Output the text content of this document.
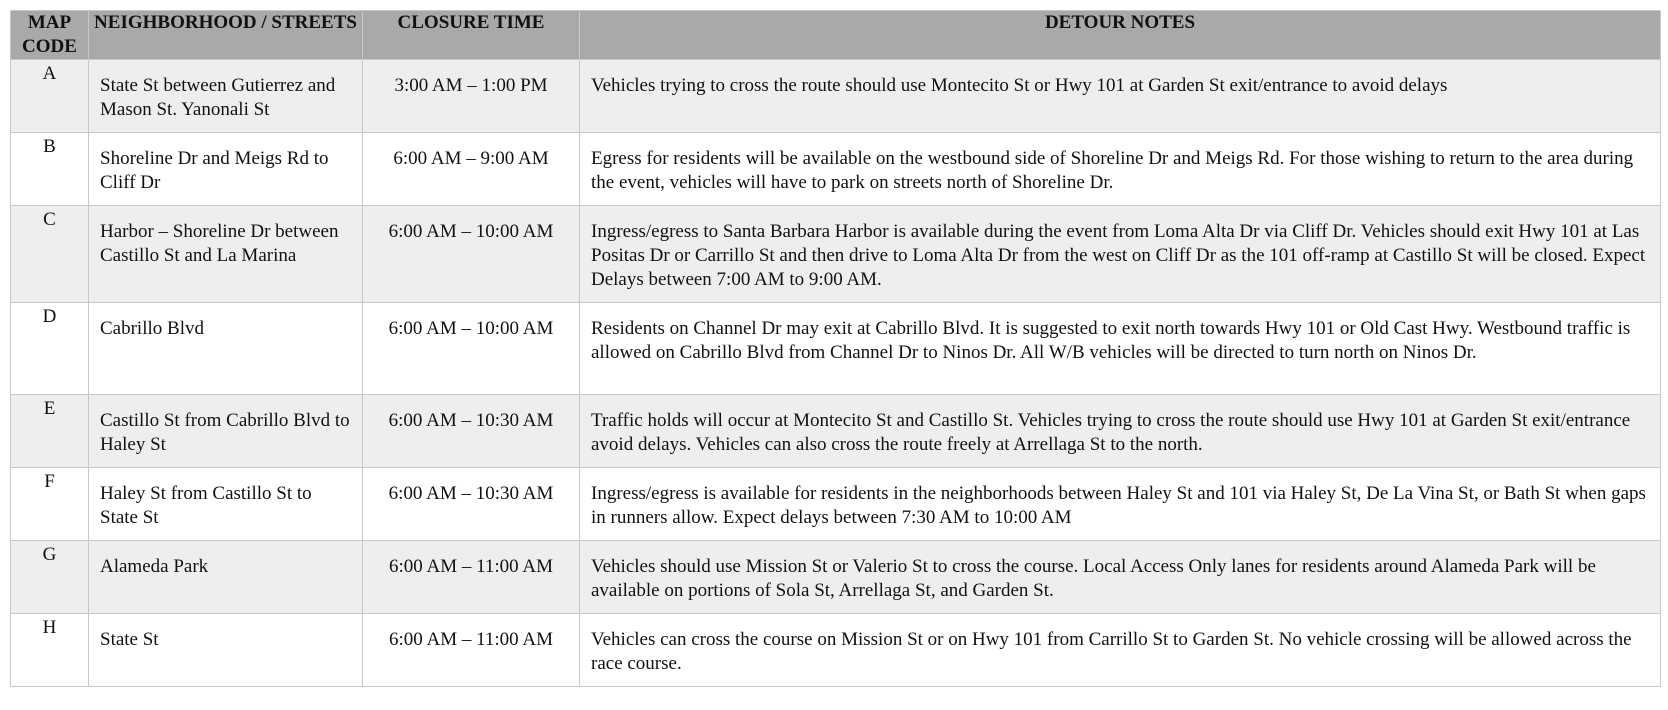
MAP CODE	NEIGHBORHOOD / STREETS	CLOSURE TIME	DETOUR NOTES
A	State St between Gutierrez and Mason St. Yanonali St	3:00 AM – 1:00 PM	Vehicles trying to cross the route should use Montecito St or Hwy 101 at Garden St exit/entrance to avoid delays
B	Shoreline Dr and Meigs Rd to Cliff Dr	6:00 AM – 9:00 AM	Egress for residents will be available on the westbound side of Shoreline Dr and Meigs Rd. For those wishing to return to the area during the event, vehicles will have to park on streets north of Shoreline Dr.
C	Harbor – Shoreline Dr between Castillo St and La Marina	6:00 AM – 10:00 AM	Ingress/egress to Santa Barbara Harbor is available during the event from Loma Alta Dr via Cliff Dr. Vehicles should exit Hwy 101 at Las Positas Dr or Carrillo St and then drive to Loma Alta Dr from the west on Cliff Dr as the 101 off-ramp at Castillo St will be closed. Expect Delays between 7:00 AM to 9:00 AM.
D	Cabrillo Blvd	6:00 AM – 10:00 AM	Residents on Channel Dr may exit at Cabrillo Blvd. It is suggested to exit north towards Hwy 101 or Old Cast Hwy. Westbound traffic is allowed on Cabrillo Blvd from Channel Dr to Ninos Dr. All W/B vehicles will be directed to turn north on Ninos Dr.
E	Castillo St from Cabrillo Blvd to Haley St	6:00 AM – 10:30 AM	Traffic holds will occur at Montecito St and Castillo St. Vehicles trying to cross the route should use Hwy 101 at Garden St exit/entrance avoid delays. Vehicles can also cross the route freely at Arrellaga St to the north.
F	Haley St from Castillo St to State St	6:00 AM – 10:30 AM	Ingress/egress is available for residents in the neighborhoods between Haley St and 101 via Haley St, De La Vina St, or Bath St when gaps in runners allow. Expect delays between 7:30 AM to 10:00 AM
G	Alameda Park	6:00 AM – 11:00 AM	Vehicles should use Mission St or Valerio St to cross the course. Local Access Only lanes for residents around Alameda Park will be available on portions of Sola St, Arrellaga St, and Garden St.
H	State St	6:00 AM – 11:00 AM	Vehicles can cross the course on Mission St or on Hwy 101 from Carrillo St to Garden St. No vehicle crossing will be allowed across the race course.
